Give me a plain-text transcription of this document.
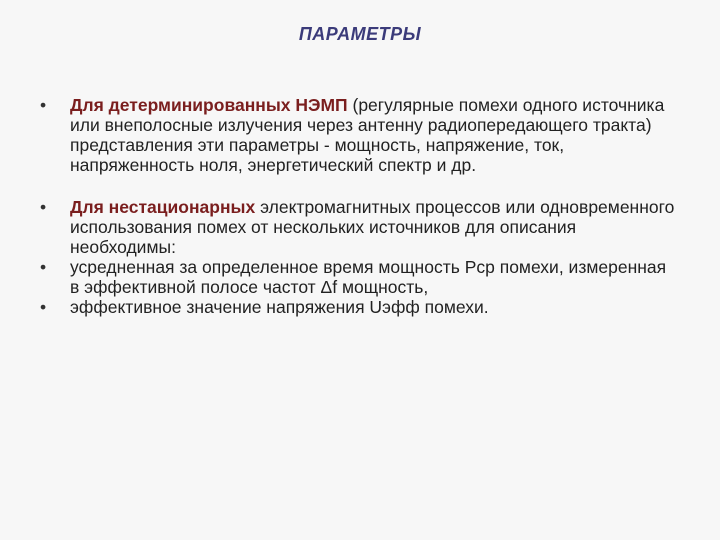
ПАРАМЕТРЫ
•	Для детерминированных НЭМП (регулярные помехи одного источника или внеполосные излучения через антенну радиопередающего тракта) представления эти параметры - мощность, напряжение, ток, напряженность ноля, энергетический спектр и др.
•	Для нестационарных электромагнитных процессов или одновременного использования помех от нескольких источников для описания необходимы:
•	усредненная за определенное время мощность Рср помехи, измеренная в эффективной полосе частот Δf мощность,
•	эффективное значение напряжения Uэфф помехи.
